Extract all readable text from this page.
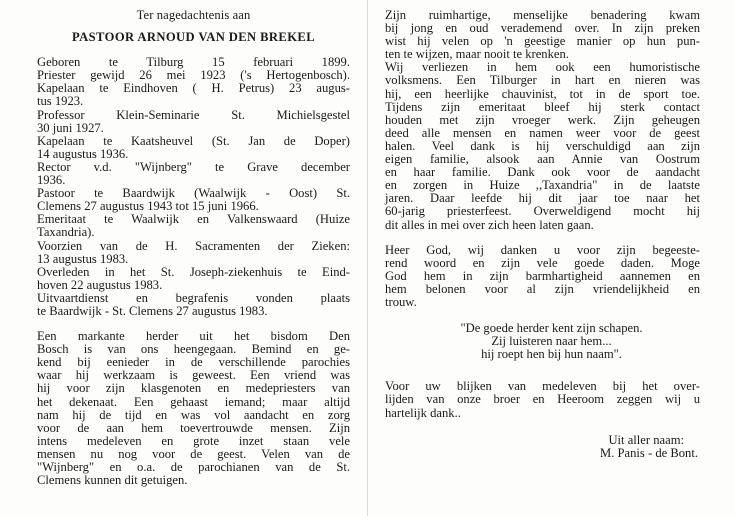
Ter nagedachtenis aan
PASTOOR ARNOUD VAN DEN BREKEL
Geboren te Tilburg 15 februari 1899.
Priester gewijd 26 mei 1923 ('s Hertogenbosch).
Kapelaan te Eindhoven ( H. Petrus) 23 augus-
tus 1923.
Professor Klein-Seminarie St. Michielsgestel
30 juni 1927.
Kapelaan te Kaatsheuvel (St. Jan de Doper)
14 augustus 1936.
Rector v.d. "Wijnberg" te Grave december
1936.
Pastoor te Baardwijk (Waalwijk - Oost) St.
Clemens 27 augustus 1943 tot 15 juni 1966.
Emeritaat te Waalwijk en Valkenswaard (Huize
Taxandria).
Voorzien van de H. Sacramenten der Zieken:
13 augustus 1983.
Overleden in het St. Joseph-ziekenhuis te Eind-
hoven 22 augustus 1983.
Uitvaartdienst en begrafenis vonden plaats
te Baardwijk - St. Clemens 27 augustus 1983.
Een markante herder uit het bisdom Den
Bosch is van ons heengegaan. Bemind en ge-
kend bij eenieder in de verschillende parochies
waar hij werkzaam is geweest. Een vriend was
hij voor zijn klasgenoten en medepriesters van
het dekenaat. Een gehaast iemand; maar altijd
nam hij de tijd en was vol aandacht en zorg
voor de aan hem toevertrouwde mensen. Zijn
intens medeleven en grote inzet staan vele
mensen nu nog voor de geest. Velen van de
"Wijnberg" en o.a. de parochianen van de St.
Clemens kunnen dit getuigen.
Zijn ruimhartige, menselijke benadering kwam
bij jong en oud verademend over. In zijn preken
wist hij velen op 'n geestige manier op hun pun-
ten te wijzen, maar nooit te krenken.
Wij verliezen in hem ook een humoristische
volksmens. Een Tilburger in hart en nieren was
hij, een heerlijke chauvinist, tot in de sport toe.
Tijdens zijn emeritaat bleef hij sterk contact
houden met zijn vroeger werk. Zijn geheugen
deed alle mensen en namen weer voor de geest
halen. Veel dank is hij verschuldigd aan zijn
eigen familie, alsook aan Annie van Oostrum
en haar familie. Dank ook voor de aandacht
en zorgen in Huize ,,Taxandria" in de laatste
jaren. Daar leefde hij dit jaar toe naar het
60-jarig priesterfeest. Overweldigend mocht hij
dit alles in mei over zich heen laten gaan.
Heer God, wij danken u voor zijn begeeste-
rend woord en zijn vele goede daden. Moge
God hem in zijn barmhartigheid aannemen en
hem belonen voor al zijn vriendelijkheid en
trouw.
"De goede herder kent zijn schapen.
Zij luisteren naar hem...
hij roept hen bij hun naam".
Voor uw blijken van medeleven bij het over-
lijden van onze broer en Heeroom zeggen wij u
hartelijk dank..
Uit aller naam:
M. Panis - de Bont.
